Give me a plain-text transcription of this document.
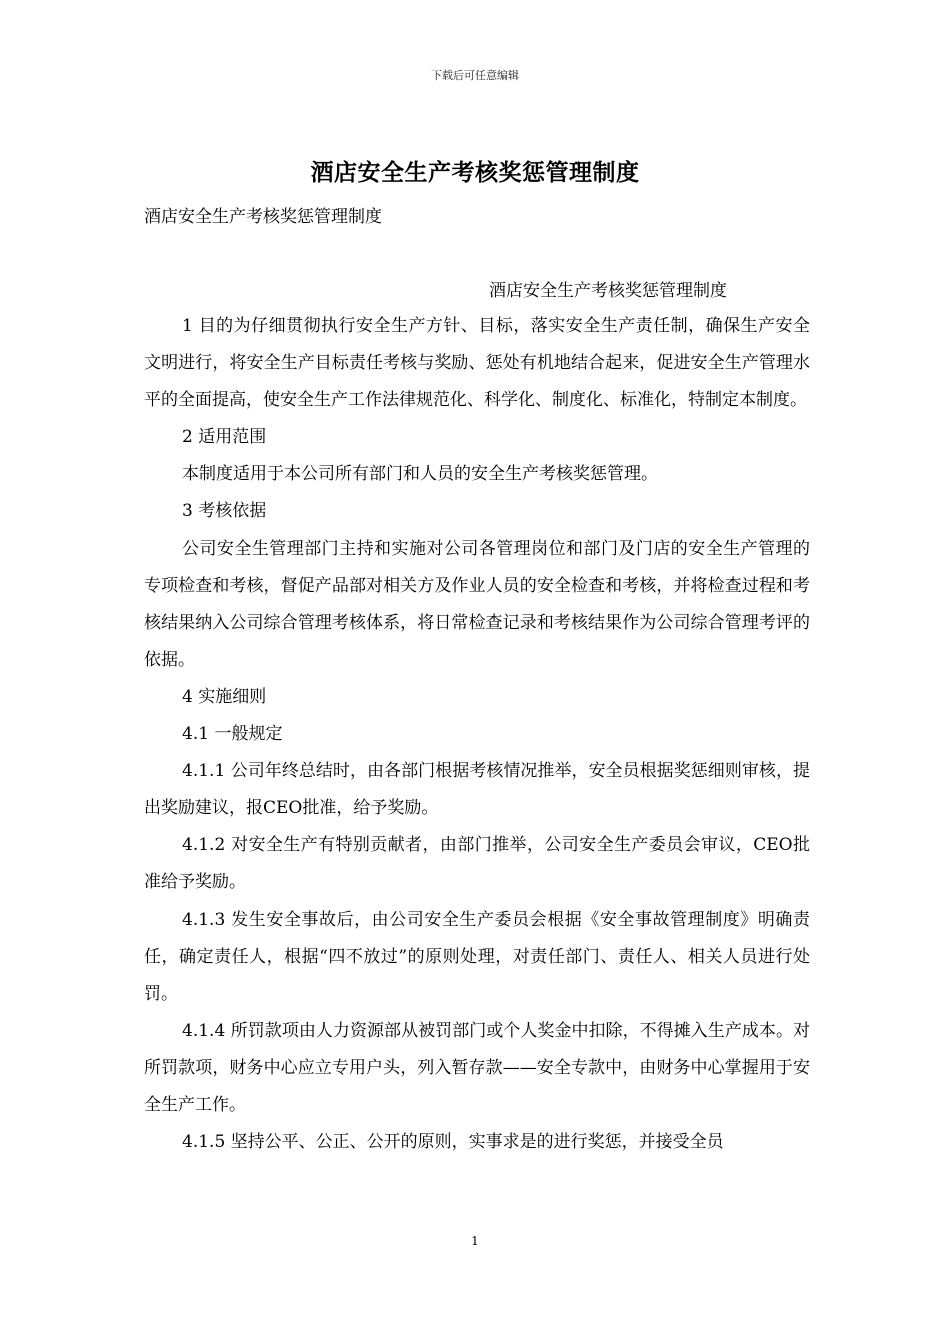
下载后可任意编辑
酒店安全生产考核奖惩管理制度
酒店安全生产考核奖惩管理制度
酒店安全生产考核奖惩管理制度

1 目的为仔细贯彻执行安全生产方针、目标，落实安全生产责任制，确保生产安全文明进行，将安全生产目标责任考核与奖励、惩处有机地结合起来，促进安全生产管理水平的全面提高，使安全生产工作法律规范化、科学化、制度化、标准化，特制定本制度。

2 适用范围

本制度适用于本公司所有部门和人员的安全生产考核奖惩管理。

3 考核依据

公司安全生管理部门主持和实施对公司各管理岗位和部门及门店的安全生产管理的专项检查和考核，督促产品部对相关方及作业人员的安全检查和考核，并将检查过程和考核结果纳入公司综合管理考核体系，将日常检查记录和考核结果作为公司综合管理考评的依据。

4 实施细则

4.1 一般规定

4.1.1 公司年终总结时，由各部门根据考核情况推举，安全员根据奖惩细则审核，提出奖励建议，报CEO批准，给予奖励。

4.1.2 对安全生产有特别贡献者，由部门推举，公司安全生产委员会审议，CEO批准给予奖励。

4.1.3 发生安全事故后，由公司安全生产委员会根据《安全事故管理制度》明确责任，确定责任人，根据“四不放过”的原则处理，对责任部门、责任人、相关人员进行处罚。

4.1.4 所罚款项由人力资源部从被罚部门或个人奖金中扣除，不得摊入生产成本。对所罚款项，财务中心应立专用户头，列入暂存款——安全专款中，由财务中心掌握用于安全生产工作。

4.1.5 坚持公平、公正、公开的原则，实事求是的进行奖惩，并接受全员

1
